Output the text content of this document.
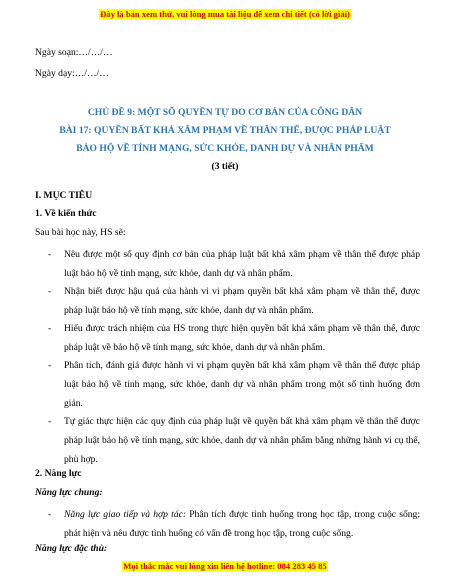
Đây là bản xem thử, vui lòng mua tài liệu để xem chi tiết (có lời giải)
Ngày soạn:…/…/…
Ngày dạy:…/…/…
CHỦ ĐỀ 9: MỘT SỐ QUYỀN TỰ DO CƠ BẢN CỦA CÔNG DÂN
BÀI 17: QUYỀN BẤT KHẢ XÂM PHẠM VỀ THÂN THỂ, ĐƯỢC PHÁP LUẬT
BẢO HỘ VỀ TÍNH MẠNG, SỨC KHỎE, DANH DỰ VÀ NHÂN PHẨM
(3 tiết)
I. MỤC TIÊU
1. Về kiến thức
Sau bài học này, HS sẽ:
- Nêu được một số quy định cơ bản của pháp luật bất khả xâm phạm về thân thể được pháp luật bảo hộ về tính mạng, sức khỏe, danh dự và nhân phẩm.
- Nhận biết được hậu quả của hành vi vi phạm quyền bất khả xâm phạm về thân thể, được pháp luật bảo hộ về tính mạng, sức khỏe, danh dự và nhân phẩm.
- Hiểu được trách nhiệm của HS trong thực hiện quyền bất khả xâm phạm về thân thể, được pháp luật về bảo hộ về tính mạng, sức khỏe, danh dự và nhân phẩm.
- Phân tích, đánh giá được hành vi vi phạm quyền bất khả xâm phạm về thân thể được pháp luật bảo hộ về tính mạng, sức khỏe, danh dự và nhân phẩm trong một số tình huống đơn giản.
- Tự giác thực hiện các quy định của pháp luật về quyền bất khả xâm phạm về thân thể được pháp luật bảo hộ về tính mạng, sức khỏe, danh dự và nhân phẩm bằng những hành vi cụ thể, phù hợp.
2. Năng lực
Năng lực chung:
- Năng lực giao tiếp và hợp tác: Phân tích được tình huống trong học tập, trong cuộc sống; phát hiện và nêu được tình huống có vấn đề trong học tập, trong cuộc sống.
Năng lực đặc thù:
Mọi thắc mắc vui lòng xin liên hệ hotline: 084 283 45 85
